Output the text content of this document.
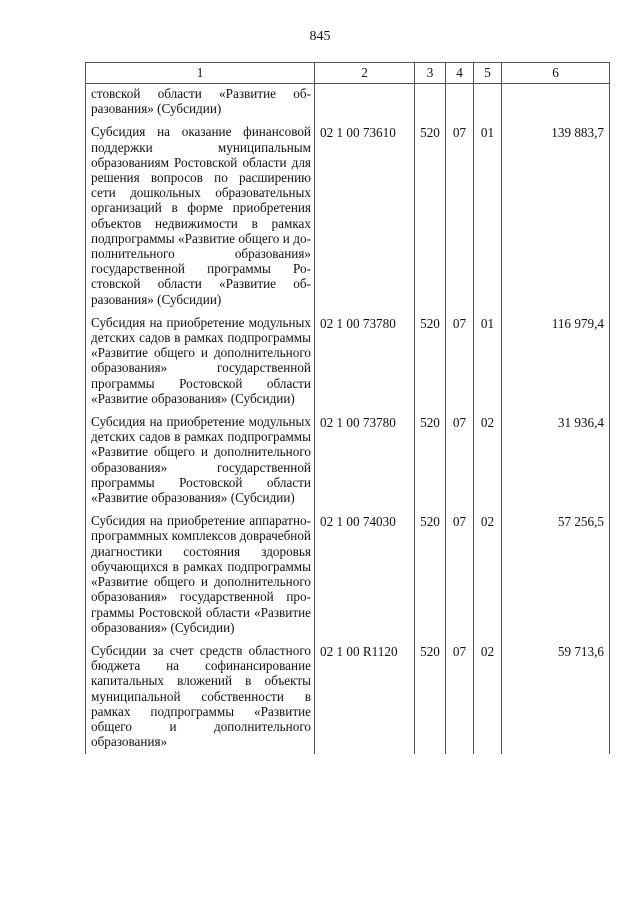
845
1	2	3	4	5	6
стовской области «Развитие образования» (Субсидии)					
Субсидия на оказание финансовой поддержки муниципальным образованиям Ростовской области для решения вопросов по расширению сети дошкольных образовательных организаций в форме приобретения объектов недвижимости в рамках подпрограммы «Развитие общего и дополнительного образования» государственной программы Ростовской области «Развитие образования» (Субсидии)	02 1 00 73610	520	07	01	139 883,7
Субсидия на приобретение модульных детских садов в рамках подпрограммы «Развитие общего и дополнительного образования» государственной программы Ростовской области «Развитие образования» (Субсидии)	02 1 00 73780	520	07	01	116 979,4
Субсидия на приобретение модульных детских садов в рамках подпрограммы «Развитие общего и дополнительного образования» государственной программы Ростовской области «Развитие образования» (Субсидии)	02 1 00 73780	520	07	02	31 936,4
Субсидия на приобретение аппаратно-программных комплексов доврачебной диагностики состояния здоровья обучающихся в рамках подпрограммы «Развитие общего и дополнительного образования» государственной программы Ростовской области «Развитие образования» (Субсидии)	02 1 00 74030	520	07	02	57 256,5
Субсидии за счет средств областного бюджета на софинансирование капитальных вложений в объекты муниципальной собственности в рамках подпрограммы «Развитие общего и дополнительного образования»	02 1 00 R1120	520	07	02	59 713,6
